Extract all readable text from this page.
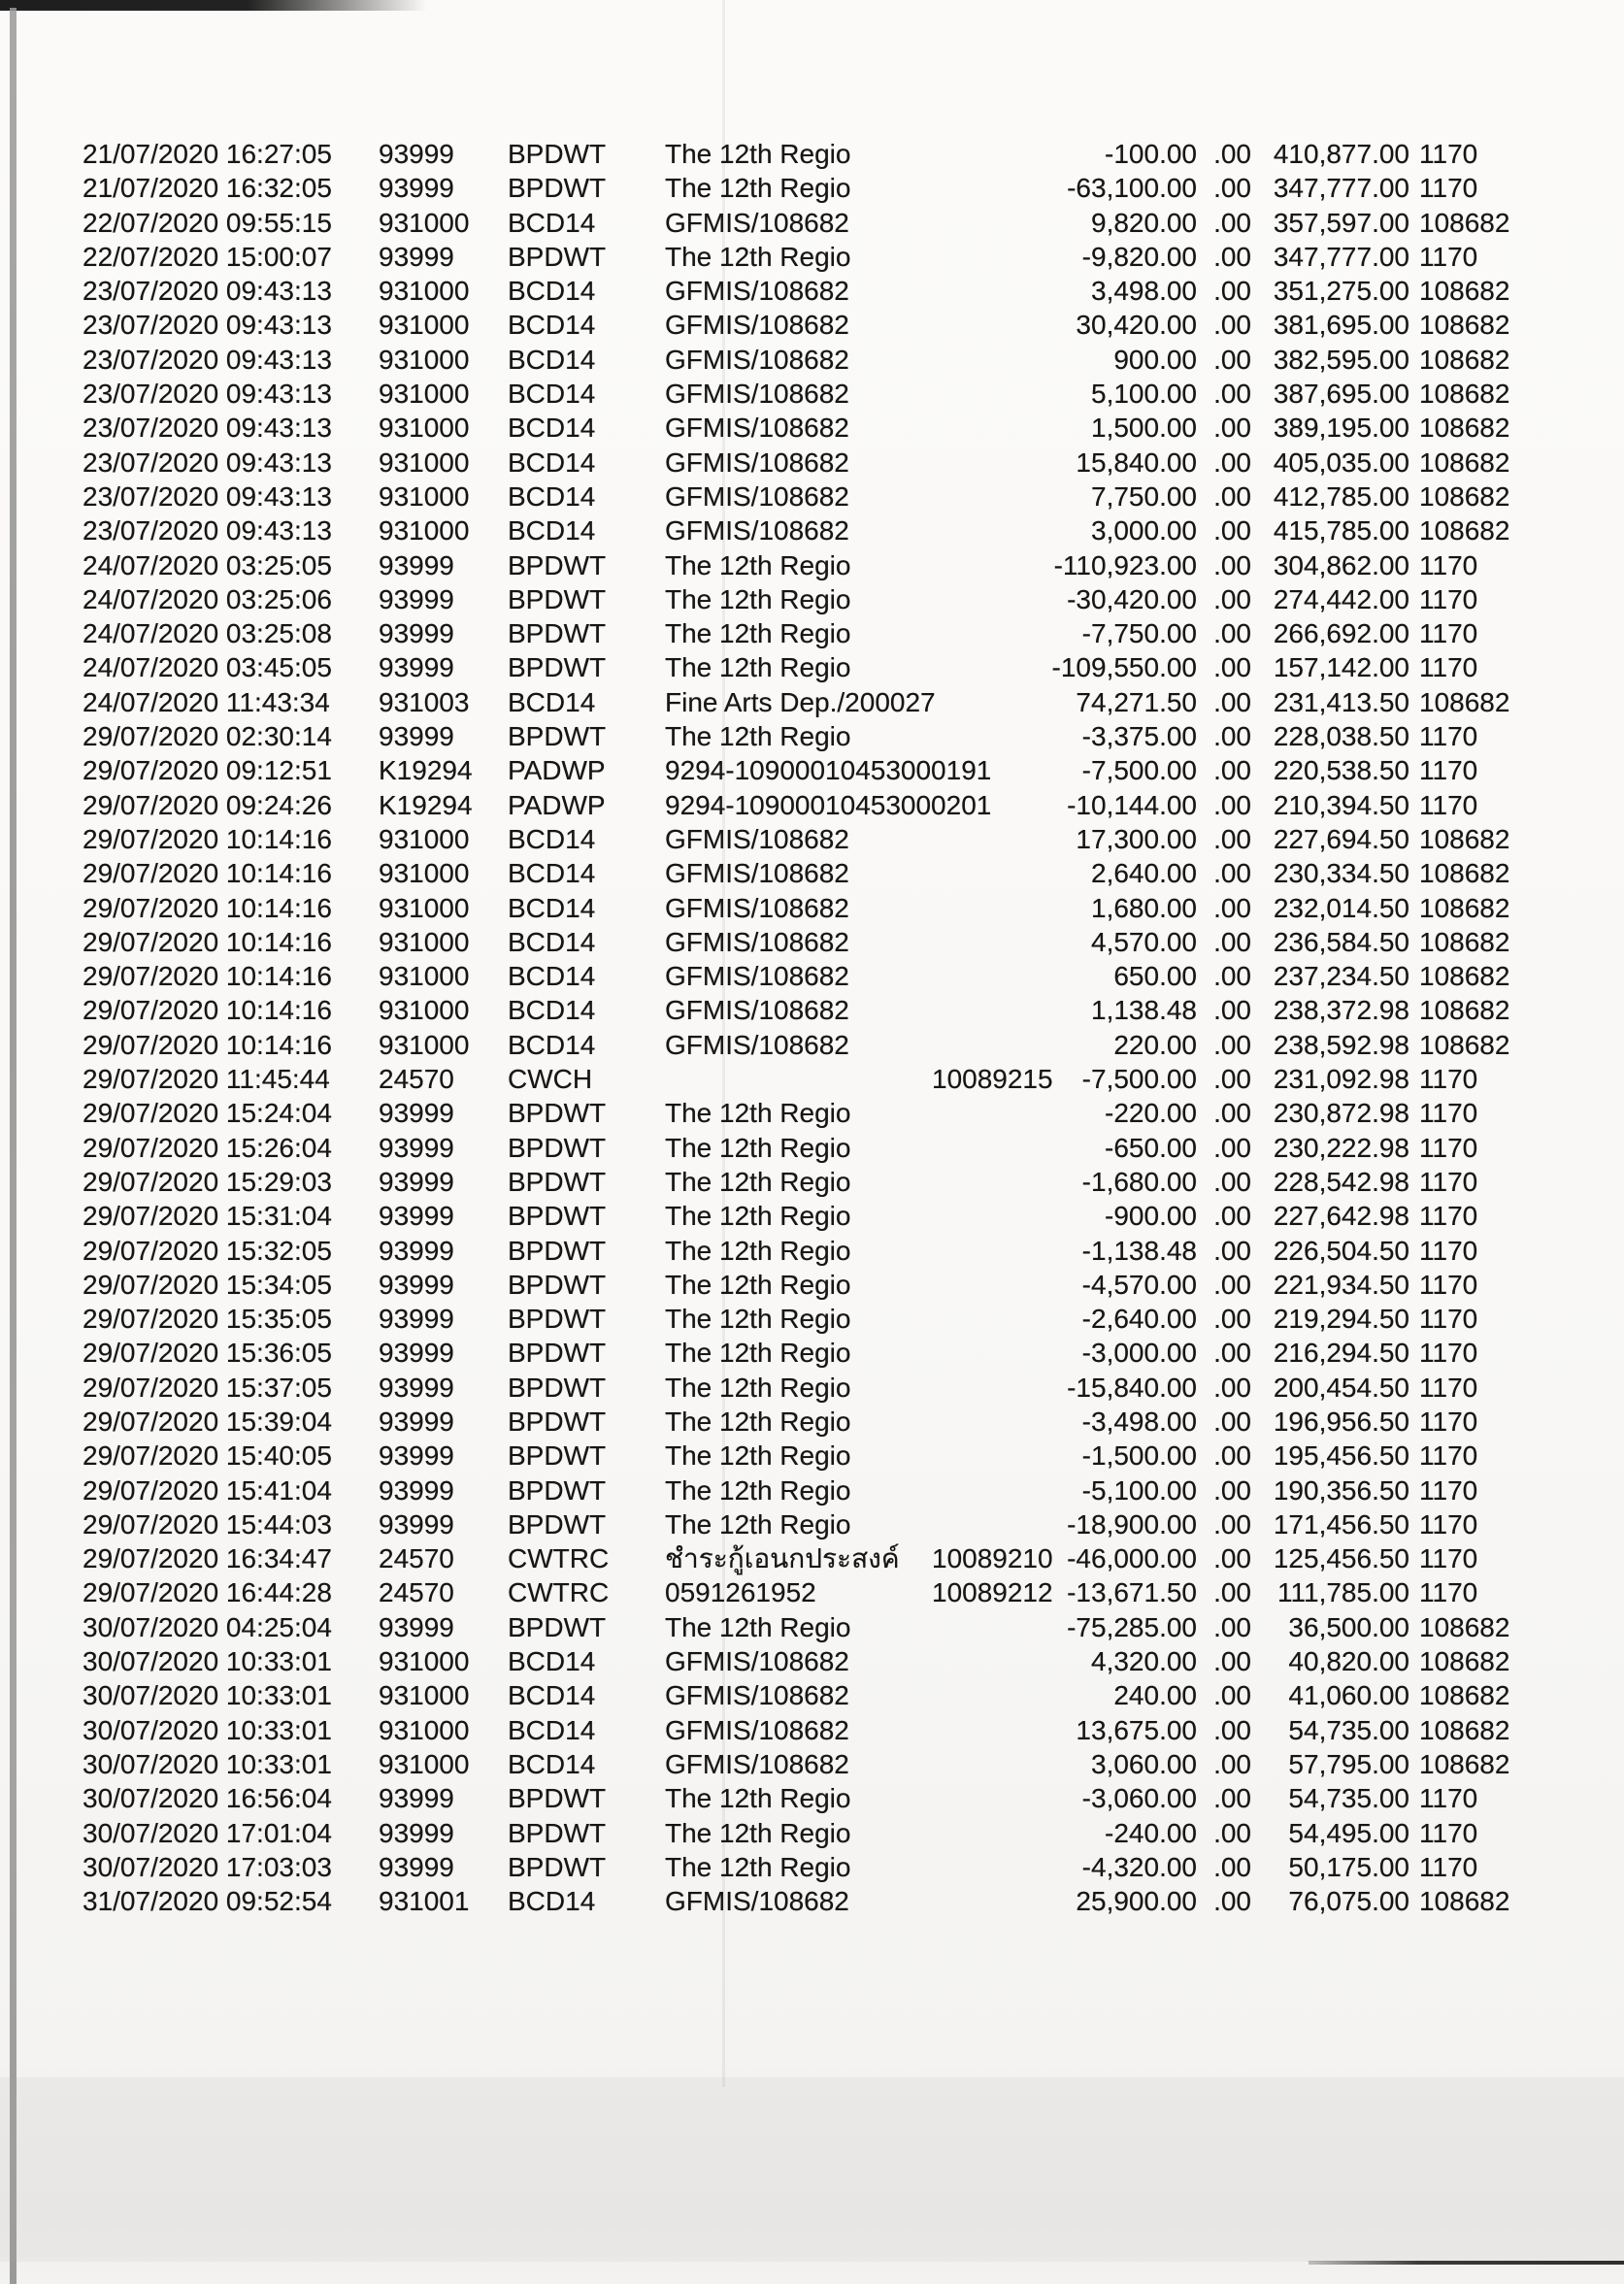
21/07/2020 16:27:05 93999 BPDWT The 12th Regio	-100.00 .00 410,877.00 1170
21/07/2020 16:32:05 93999 BPDWT The 12th Regio	-63,100.00 .00 347,777.00 1170
22/07/2020 09:55:15 931000 BCD14	GFMIS/108682	9,820.00 .00 357,597.00 108682
22/07/2020 15:00:07 93999 BPDWT The 12th Regio	-9,820.00 .00 347,777.00 1170
23/07/2020 09:43:13 931000 BCD14	GFMIS/108682	3,498.00 .00 351,275.00 108682
23/07/2020 09:43:13 931000 BCD14	GFMIS/108682	30,420.00 .00 381,695.00 108682
23/07/2020 09:43:13 931000 BCD14	GFMIS/108682	900.00 .00 382,595.00 108682
23/07/2020 09:43:13 931000 BCD14	GFMIS/108682	5,100.00 .00 387,695.00 108682
23/07/2020 09:43:13 931000 BCD14	GFMIS/108682	1,500.00 .00 389,195.00 108682
23/07/2020 09:43:13 931000 BCD14	GFMIS/108682	15,840.00 .00 405,035.00 108682
23/07/2020 09:43:13 931000 BCD14	GFMIS/108682	7,750.00 .00 412,785.00 108682
23/07/2020 09:43:13 931000 BCD14	GFMIS/108682	3,000.00 .00 415,785.00 108682
24/07/2020 03:25:05 93999 BPDWT The 12th Regio	-110,923.00 .00 304,862.00 1170
24/07/2020 03:25:06 93999 BPDWT The 12th Regio	-30,420.00 .00 274,442.00 1170
24/07/2020 03:25:08 93999 BPDWT The 12th Regio	-7,750.00 .00 266,692.00 1170
24/07/2020 03:45:05 93999 BPDWT The 12th Regio	-109,550.00 .00 157,142.00 1170
24/07/2020 11:43:34 931003 BCD14	Fine Arts Dep./200027	74,271.50 .00 231,413.50 108682
29/07/2020 02:30:14 93999 BPDWT The 12th Regio	-3,375.00 .00 228,038.50 1170
29/07/2020 09:12:51 K19294 PADWP 9294-10900010453000191	-7,500.00 .00 220,538.50 1170
29/07/2020 09:24:26 K19294 PADWP 9294-10900010453000201	-10,144.00 .00 210,394.50 1170
29/07/2020 10:14:16 931000 BCD14	GFMIS/108682	17,300.00 .00 227,694.50 108682
29/07/2020 10:14:16 931000 BCD14	GFMIS/108682	2,640.00 .00 230,334.50 108682
29/07/2020 10:14:16 931000 BCD14	GFMIS/108682	1,680.00 .00 232,014.50 108682
29/07/2020 10:14:16 931000 BCD14	GFMIS/108682	4,570.00 .00 236,584.50 108682
29/07/2020 10:14:16 931000 BCD14	GFMIS/108682	650.00 .00 237,234.50 108682
29/07/2020 10:14:16 931000 BCD14	GFMIS/108682	1,138.48 .00 238,372.98 108682
29/07/2020 10:14:16 931000 BCD14	GFMIS/108682	220.00 .00 238,592.98 108682
29/07/2020 11:45:44 24570 CWCH	10089215	-7,500.00 .00 231,092.98 1170
29/07/2020 15:24:04 93999 BPDWT The 12th Regio	-220.00 .00 230,872.98 1170
29/07/2020 15:26:04 93999 BPDWT The 12th Regio	-650.00 .00 230,222.98 1170
29/07/2020 15:29:03 93999 BPDWT The 12th Regio	-1,680.00 .00 228,542.98 1170
29/07/2020 15:31:04 93999 BPDWT The 12th Regio	-900.00 .00 227,642.98 1170
29/07/2020 15:32:05 93999 BPDWT The 12th Regio	-1,138.48 .00 226,504.50 1170
29/07/2020 15:34:05 93999 BPDWT The 12th Regio	-4,570.00 .00 221,934.50 1170
29/07/2020 15:35:05 93999 BPDWT The 12th Regio	-2,640.00 .00 219,294.50 1170
29/07/2020 15:36:05 93999 BPDWT The 12th Regio	-3,000.00 .00 216,294.50 1170
29/07/2020 15:37:05 93999 BPDWT The 12th Regio	-15,840.00 .00 200,454.50 1170
29/07/2020 15:39:04 93999 BPDWT The 12th Regio	-3,498.00 .00 196,956.50 1170
29/07/2020 15:40:05 93999 BPDWT The 12th Regio	-1,500.00 .00 195,456.50 1170
29/07/2020 15:41:04 93999 BPDWT The 12th Regio	-5,100.00 .00 190,356.50 1170
29/07/2020 15:44:03 93999 BPDWT The 12th Regio	-18,900.00 .00 171,456.50 1170
29/07/2020 16:34:47 24570 CWTRC ชำระกู้เอนกประสงค์ 10089210 -46,000.00 .00 125,456.50 1170
29/07/2020 16:44:28 24570 CWTRC 0591261952	10089212 -13,671.50 .00 111,785.00 1170
30/07/2020 04:25:04 93999 BPDWT The 12th Regio	-75,285.00 .00	36,500.00 108682
30/07/2020 10:33:01 931000 BCD14	GFMIS/108682	4,320.00 .00	40,820.00 108682
30/07/2020 10:33:01 931000 BCD14	GFMIS/108682	240.00 .00	41,060.00 108682
30/07/2020 10:33:01 931000 BCD14	GFMIS/108682	13,675.00 .00	54,735.00 108682
30/07/2020 10:33:01 931000 BCD14	GFMIS/108682	3,060.00 .00	57,795.00 108682
30/07/2020 16:56:04 93999 BPDWT The 12th Regio	-3,060.00 .00	54,735.00 1170
30/07/2020 17:01:04 93999 BPDWT The 12th Regio	-240.00 .00	54,495.00 1170
30/07/2020 17:03:03 93999 BPDWT The 12th Regio	-4,320.00 .00	50,175.00 1170
31/07/2020 09:52:54 931001 BCD14	GFMIS/108682	25,900.00 .00	76,075.00 108682
